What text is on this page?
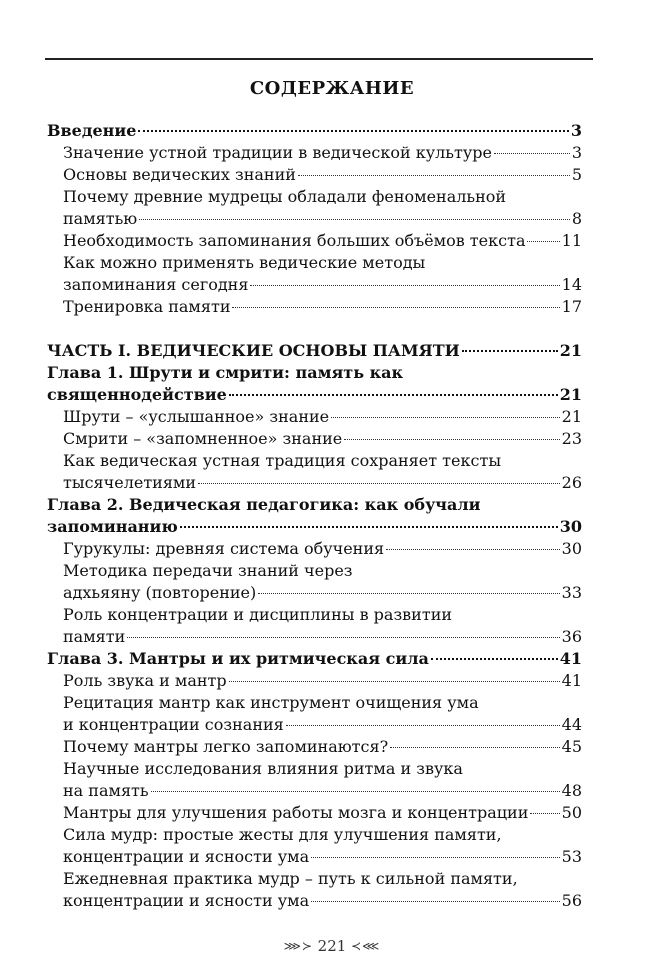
СОДЕРЖАНИЕ
Введение	3
Значение устной традиции в ведической культуре	3
Основы ведических знаний	5
Почему древние мудрецы обладали феноменальной
памятью	8
Необходимость запоминания больших объёмов текста 11
Как можно применять ведические методы
запоминания сегодня	14
Тренировка памяти	17
ЧАСТЬ I. ВЕДИЧЕСКИЕ ОСНОВЫ ПАМЯТИ	21
Глава 1. Шрути и смрити: память как
священнодействие	21
Шрути – «услышанное» знание	21
Смрити – «запомненное» знание	23
Как ведическая устная традиция сохраняет тексты
тысячелетиями	26
Глава 2. Ведическая педагогика: как обучали
запоминанию	30
Гурукулы: древняя система обучения	30
Методика передачи знаний через
адхьяяну (повторение)	33
Роль концентрации и дисциплины в развитии
памяти	36
Глава 3. Мантры и их ритмическая сила	41
Роль звука и мантр	41
Рецитация мантр как инструмент очищения ума
и концентрации сознания	44
Почему мантры легко запоминаются?	45
Научные исследования влияния ритма и звука
на память	48
Мантры для улучшения работы мозга и концентрации 50
Сила мудр: простые жесты для улучшения памяти,
концентрации и ясности ума	53
Ежедневная практика мудр – путь к сильной памяти,
концентрации и ясности ума	56
⋙≻ 221 ≺⋘
